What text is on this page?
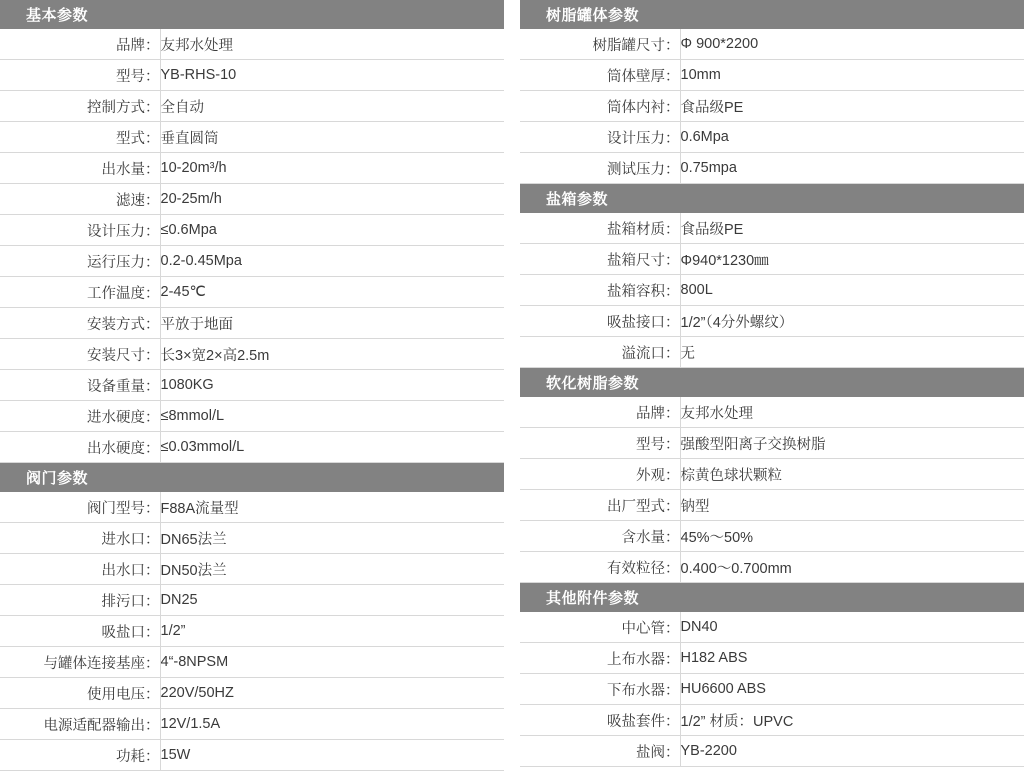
基本参数	
品牌：	友邦水处理
型号：	YB-RHS-10
控制方式：	全自动
型式：	垂直圆筒
出水量：	10-20m³/h
滤速：	20-25m/h
设计压力：	≤0.6Mpa
运行压力：	0.2-0.45Mpa
工作温度：	2-45℃
安装方式：	平放于地面
安装尺寸：	长3×宽2×高2.5m
设备重量：	1080KG
进水硬度：	≤8mmol/L
出水硬度：	≤0.03mmol/L
阀门参数	
阀门型号：	F88A流量型
进水口：	DN65法兰
出水口：	DN50法兰
排污口：	DN25
吸盐口：	1/2”
与罐体连接基座：	4“-8NPSM
使用电压：	220V/50HZ
电源适配器输出：	12V/1.5A
功耗：	15W
树脂罐体参数	
树脂罐尺寸：	Φ 900*2200
筒体壁厚：	10mm
筒体内衬：	食品级PE
设计压力：	0.6Mpa
测试压力：	0.75mpa
盐箱参数	
盐箱材质：	食品级PE
盐箱尺寸：	Φ940*1230㎜
盐箱容积：	800L
吸盐接口：	1/2”（4分外螺纹）
溢流口：	无
软化树脂参数	
品牌：	友邦水处理
型号：	强酸型阳离子交换树脂
外观：	棕黄色球状颗粒
出厂型式：	钠型
含水量：	45%～50%
有效粒径：	0.400～0.700mm
其他附件参数	
中心管：	DN40
上布水器：	H182 ABS
下布水器：	HU6600 ABS
吸盐套件：	1/2” 材质：UPVC
盐阀：	YB-2200
